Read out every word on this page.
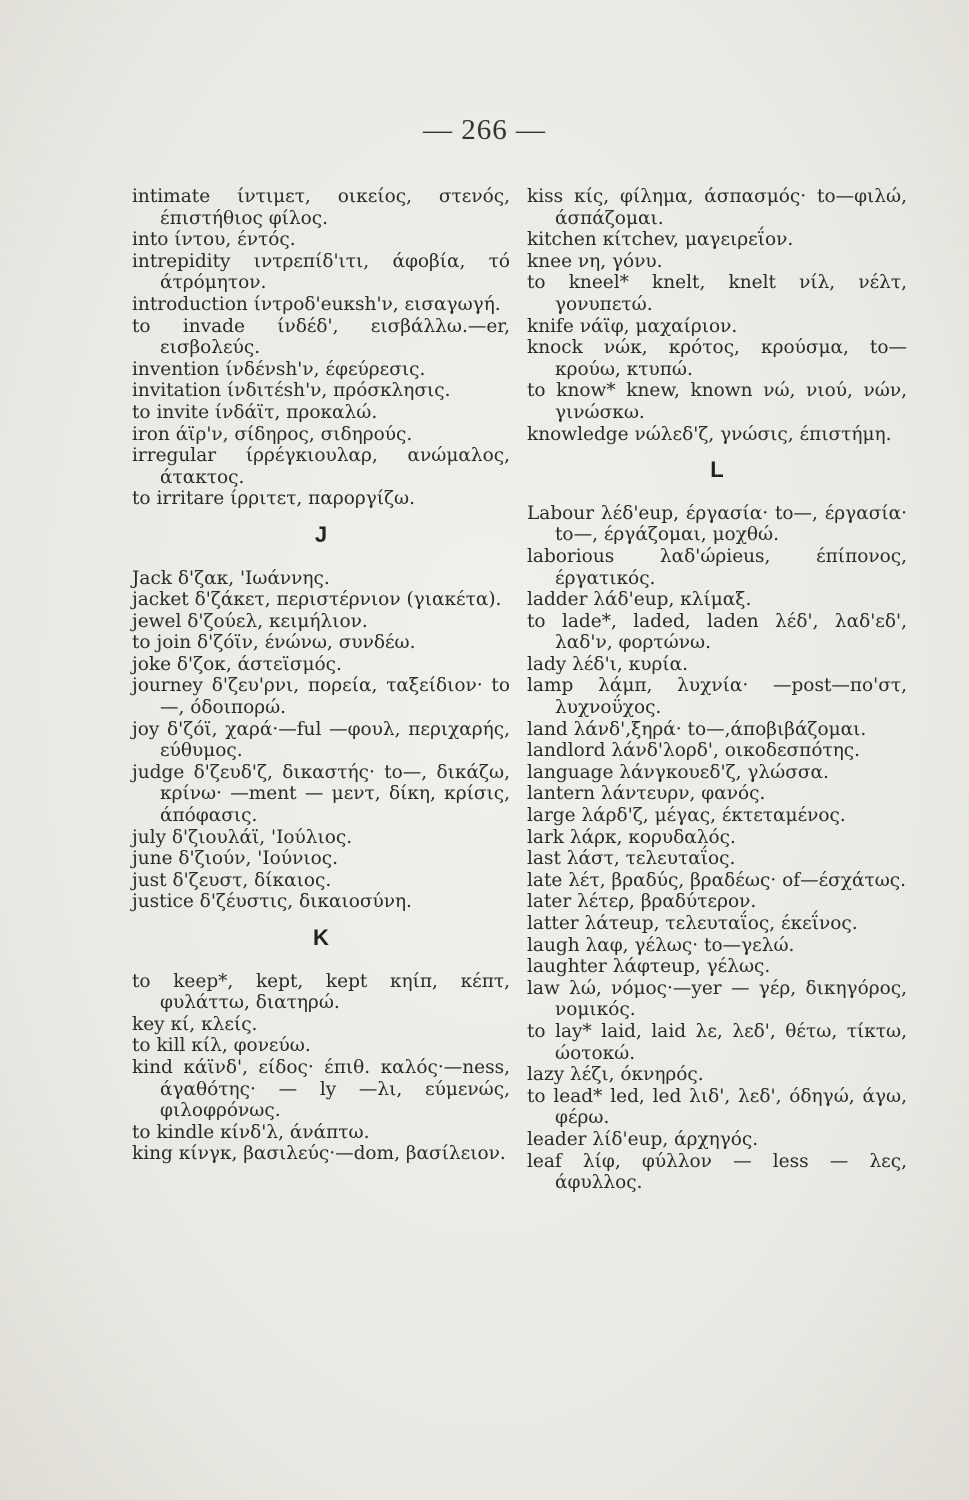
— 266 —

intimate ίντιμετ, οικείος, στενός, έπιστήθιος φίλος.

into ίντου, έντός.

intrepidity ιντρεπίδ'ιτι, άφοβία, τό άτρόμητον.

introduction ίντροδ'euκsh'ν, εισαγωγή.

to invade ίνδέδ', εισβάλλω.—er, εισβολεύς.

invention ίνδένsh'ν, έφεύρεσις.

invitation ίνδιτέsh'ν, πρόσκλησις.

to invite ίνδάϊτ, προκαλώ.

iron άϊρ'ν, σίδηρος, σιδηρούς.

irregular ίρρέγκιουλαρ, ανώμαλος, άτακτος.

to irritare ίρριτετ, παροργίζω.

J

Jack δ'ζακ, 'Ιωάννης.

jacket δ'ζάκετ, περιστέρνιον (γιακέτα).

jewel δ'ζούελ, κειμήλιον.

to join δ'ζόϊν, ένώνω, συνδέω.

joke δ'ζοκ, άστεϊσμός.

journey δ'ζευ'ρνι, πορεία, ταξείδιον· to—, όδοιπορώ.

joy δ'ζόϊ, χαρά·—ful —φουλ, περιχαρής, εύθυμος.

judge δ'ζευδ'ζ, δικαστής· to—, δικάζω, κρίνω· —ment — μεντ, δίκη, κρίσις, άπόφασις.

july δ'ζιουλάϊ, 'Ιούλιος.

june δ'ζιούν, 'Ιούνιος.

just δ'ζευστ, δίκαιος.

justice δ'ζέυστις, δικαιοσύνη.

K

to keep*, kept, kept κηίπ, κέπτ, φυλάττω, διατηρώ.

key κί, κλείς.

to kill κίλ, φονεύω.

kind κάϊνδ', είδος· έπιθ. καλός·—ness, άγαθότης· — ly —λι, εύμενώς, φιλοφρόνως.

to kindle κίνδ'λ, άνάπτω.

king κίνγκ, βασιλεύς·—dom, βασίλειον.

kiss κίς, φίλημα, άσπασμός· to—φιλώ, άσπάζομαι.

kitchen κίτchev, μαγειρεΐον.

knee νη, γόνυ.

to kneel* knelt, knelt νίλ, νέλτ, γονυπετώ.

knife νάϊφ, μαχαίριον.

knock νώκ, κρότος, κρούσμα, to—κρούω, κτυπώ.

to know* knew, known νώ, νιού, νών, γινώσκω.

knowledge νώλεδ'ζ, γνώσις, έπιστήμη.

L

Labour λέδ'eup, έργασία· to—, έργασία· to—, έργάζομαι, μοχθώ.

laborious λαδ'ώρieus, έπίπονος, έργατικός.

ladder λάδ'eup, κλίμαξ.

to lade*, laded, laden λέδ', λαδ'εδ', λαδ'ν, φορτώνω.

lady λέδ'ι, κυρία.

lamp λάμπ, λυχνία· —post—πο'στ, λυχνοΰχος.

land λάνδ',ξηρά· to—,άποβιβάζομαι.

landlord λάνδ'λορδ', οικοδεσπότης.

language λάνγκουεδ'ζ, γλώσσα.

lantern λάντευρν, φανός.

large λάρδ'ζ, μέγας, έκτεταμένος.

lark λάρκ, κορυδαλός.

last λάστ, τελευταΐος.

late λέτ, βραδύς, βραδέως· of—έσχάτως.

later λέτερ, βραδύτερον.

latter λάτeup, τελευταΐος, έκεΐνος.

laugh λαφ, γέλως· to—γελώ.

laughter λάφτeup, γέλως.

law λώ, νόμος·—yer — γέρ, δικηγόρος, νομικός.

to lay* laid, laid λε, λεδ', θέτω, τίκτω, ώοτοκώ.

lazy λέζι, όκνηρός.

to lead* led, led λιδ', λεδ', όδηγώ, άγω, φέρω.

leader λίδ'eup, άρχηγός.

leaf λίφ, φύλλον — less — λες, άφυλλος.
